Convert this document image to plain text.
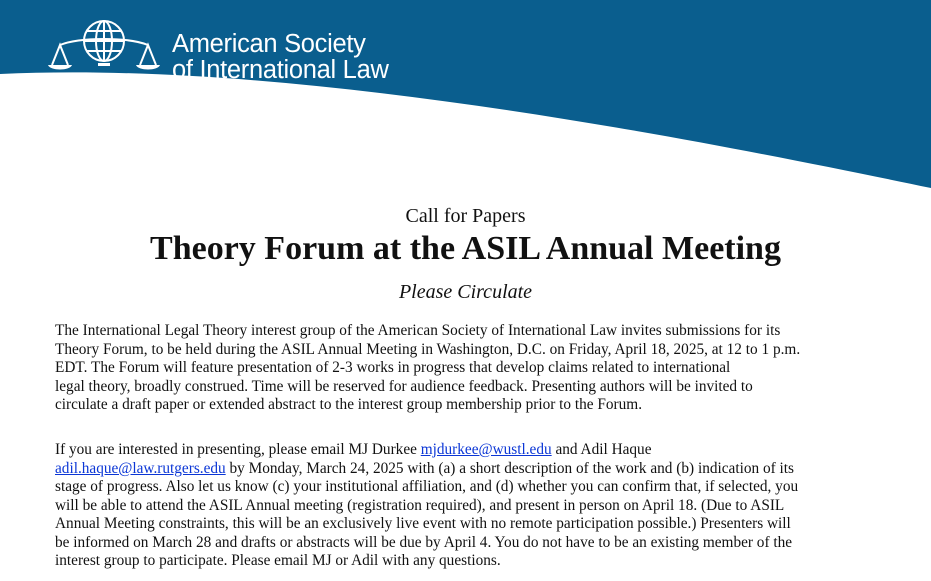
American Society
of International Law
Call for Papers
Theory Forum at the ASIL Annual Meeting
Please Circulate
The International Legal Theory interest group of the American Society of International Law invites submissions for its
Theory Forum, to be held during the ASIL Annual Meeting in Washington, D.C. on Friday, April 18, 2025, at 12 to 1 p.m.
EDT. The Forum will feature presentation of 2-3 works in progress that develop claims related to international
legal theory, broadly construed. Time will be reserved for audience feedback. Presenting authors will be invited to
circulate a draft paper or extended abstract to the interest group membership prior to the Forum.
If you are interested in presenting, please email MJ Durkee mjdurkee@wustl.edu and Adil Haque
adil.haque@law.rutgers.edu by Monday, March 24, 2025 with (a) a short description of the work and (b) indication of its
stage of progress. Also let us know (c) your institutional affiliation, and (d) whether you can confirm that, if selected, you
will be able to attend the ASIL Annual meeting (registration required), and present in person on April 18. (Due to ASIL
Annual Meeting constraints, this will be an exclusively live event with no remote participation possible.) Presenters will
be informed on March 28 and drafts or abstracts will be due by April 4. You do not have to be an existing member of the
interest group to participate. Please email MJ or Adil with any questions.
